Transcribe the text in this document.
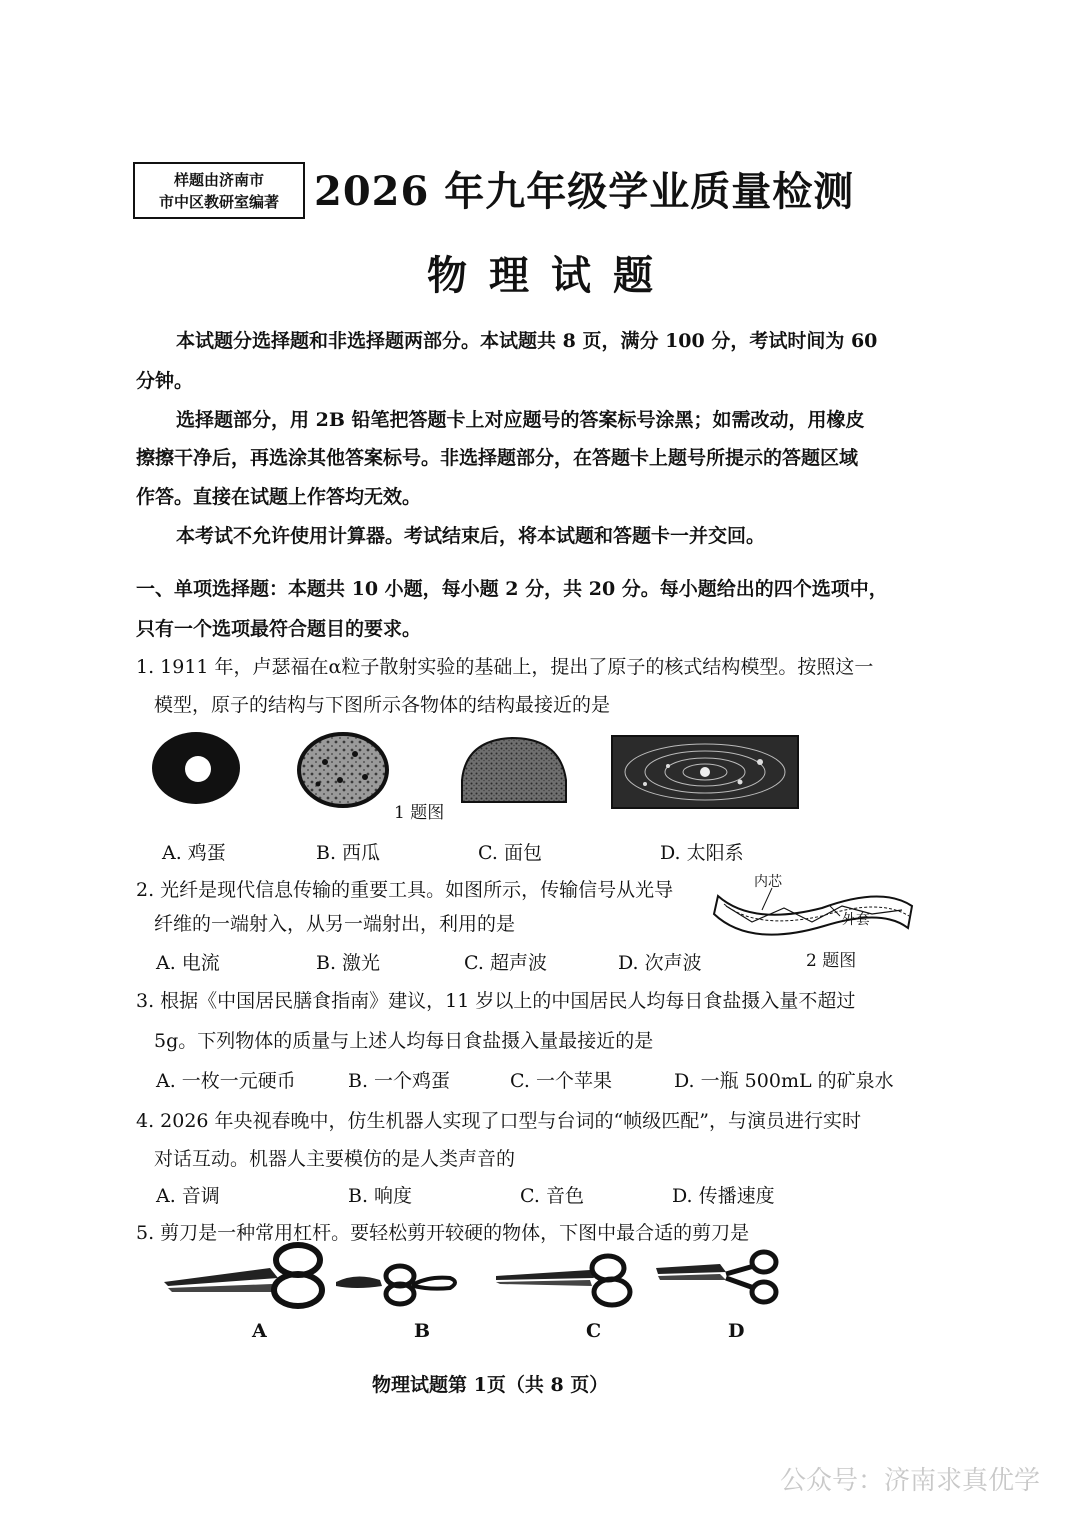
样题由济南市
市中区教研室编著 2026 年九年级学业质量检测
物理试题
本试题分选择题和非选择题两部分。本试题共 8 页，满分 100 分，考试时间为 60
分钟。
选择题部分，用 2B 铅笔把答题卡上对应题号的答案标号涂黑；如需改动，用橡皮
擦擦干净后，再选涂其他答案标号。非选择题部分，在答题卡上题号所提示的答题区域
作答。直接在试题上作答均无效。
本考试不允许使用计算器。考试结束后，将本试题和答题卡一并交回。
一、单项选择题：本题共 10 小题，每小题 2 分，共 20 分。每小题给出的四个选项中，
只有一个选项最符合题目的要求。
1. 1911 年，卢瑟福在α粒子散射实验的基础上，提出了原子的核式结构模型。按照这一
模型，原子的结构与下图所示各物体的结构最接近的是
1 题图
A. 鸡蛋	B. 西瓜	C. 面包	D. 太阳系
2. 光纤是现代信息传输的重要工具。如图所示，传输信号从光导
纤维的一端射入，从另一端射出，利用的是
内芯
外套
2 题图
A. 电流	B. 激光	C. 超声波	D. 次声波
3. 根据《中国居民膳食指南》建议，11 岁以上的中国居民人均每日食盐摄入量不超过
5g。下列物体的质量与上述人均每日食盐摄入量最接近的是
A. 一枚一元硬币	B. 一个鸡蛋	C. 一个苹果	D. 一瓶 500mL 的矿泉水
4. 2026 年央视春晚中，仿生机器人实现了口型与台词的“帧级匹配”，与演员进行实时
对话互动。机器人主要模仿的是人类声音的
A. 音调	B. 响度	C. 音色	D. 传播速度
5. 剪刀是一种常用杠杆。要轻松剪开较硬的物体，下图中最合适的剪刀是
A	B	C	D
物理试题第 1页（共 8 页）
公众号：济南求真优学
